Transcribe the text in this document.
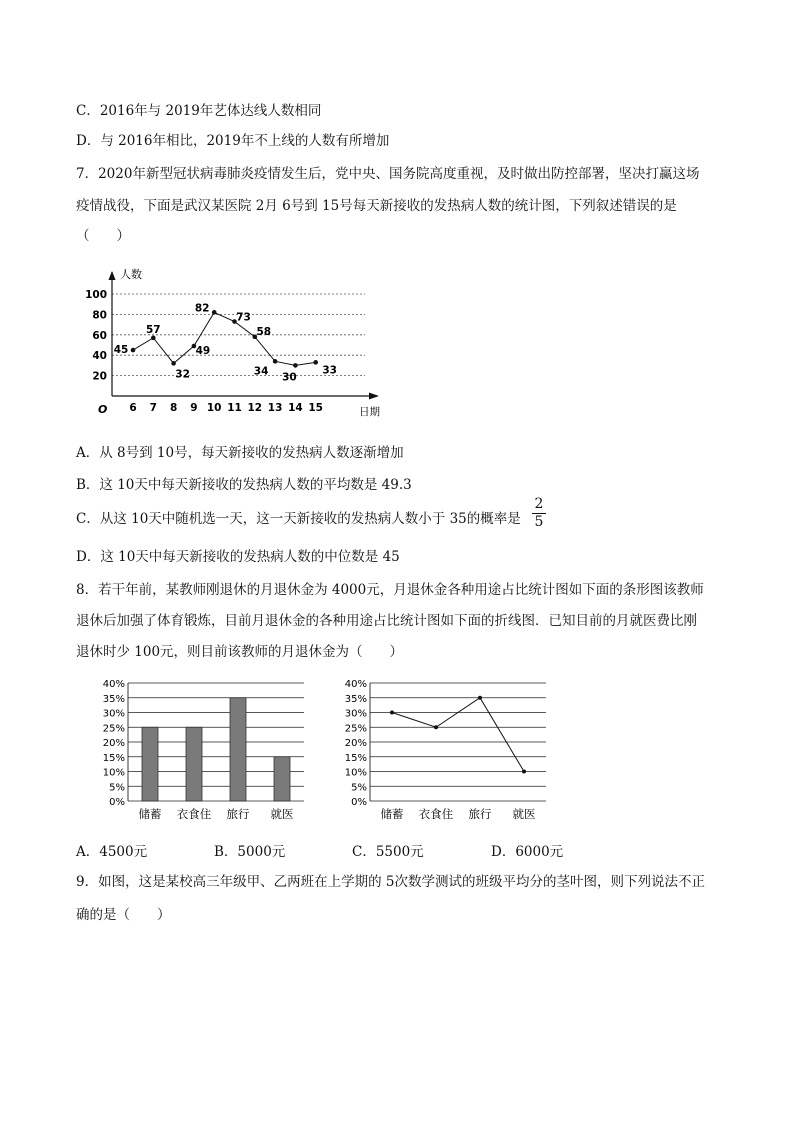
C．2016年与 2019年艺体达线人数相同
D．与 2016年相比，2019年不上线的人数有所增加
7．2020年新型冠状病毒肺炎疫情发生后，党中央、国务院高度重视，及时做出防控部署，坚决打赢这场
疫情战役，下面是武汉某医院 2月 6号到 15号每天新接收的发热病人数的统计图，下列叙述错误的是
（　　）
20
40
60
80
100
人数
日期
O 6 7 8 9 10 11 12 13 14 15
45
57
32
49
82
73
58
34
30
33
A．从 8号到 10号，每天新接收的发热病人数逐渐增加
B．这 10天中每天新接收的发热病人数的平均数是 49.3
C．从这 10天中随机选一天，这一天新接收的发热病人数小于 35的概率是
2
5
D．这 10天中每天新接收的发热病人数的中位数是 45
8．若干年前，某教师刚退休的月退休金为 4000元，月退休金各种用途占比统计图如下面的条形图该教师
退休后加强了体育锻炼，目前月退休金的各种用途占比统计图如下面的折线图．已知目前的月就医费比刚
退休时少 100元，则目前该教师的月退休金为（　　）
0%
5%
10%
15%
20%
25%
30%
35%
40%
储蓄 衣食住 旅行 就医
0%
5%
10%
15%
20%
25%
30%
35%
40%
储蓄 衣食住 旅行 就医
A．4500元	B．5000元	C．5500元	D．6000元
9．如图，这是某校高三年级甲、乙两班在上学期的 5次数学测试的班级平均分的茎叶图，则下列说法不正
确的是（　　）
